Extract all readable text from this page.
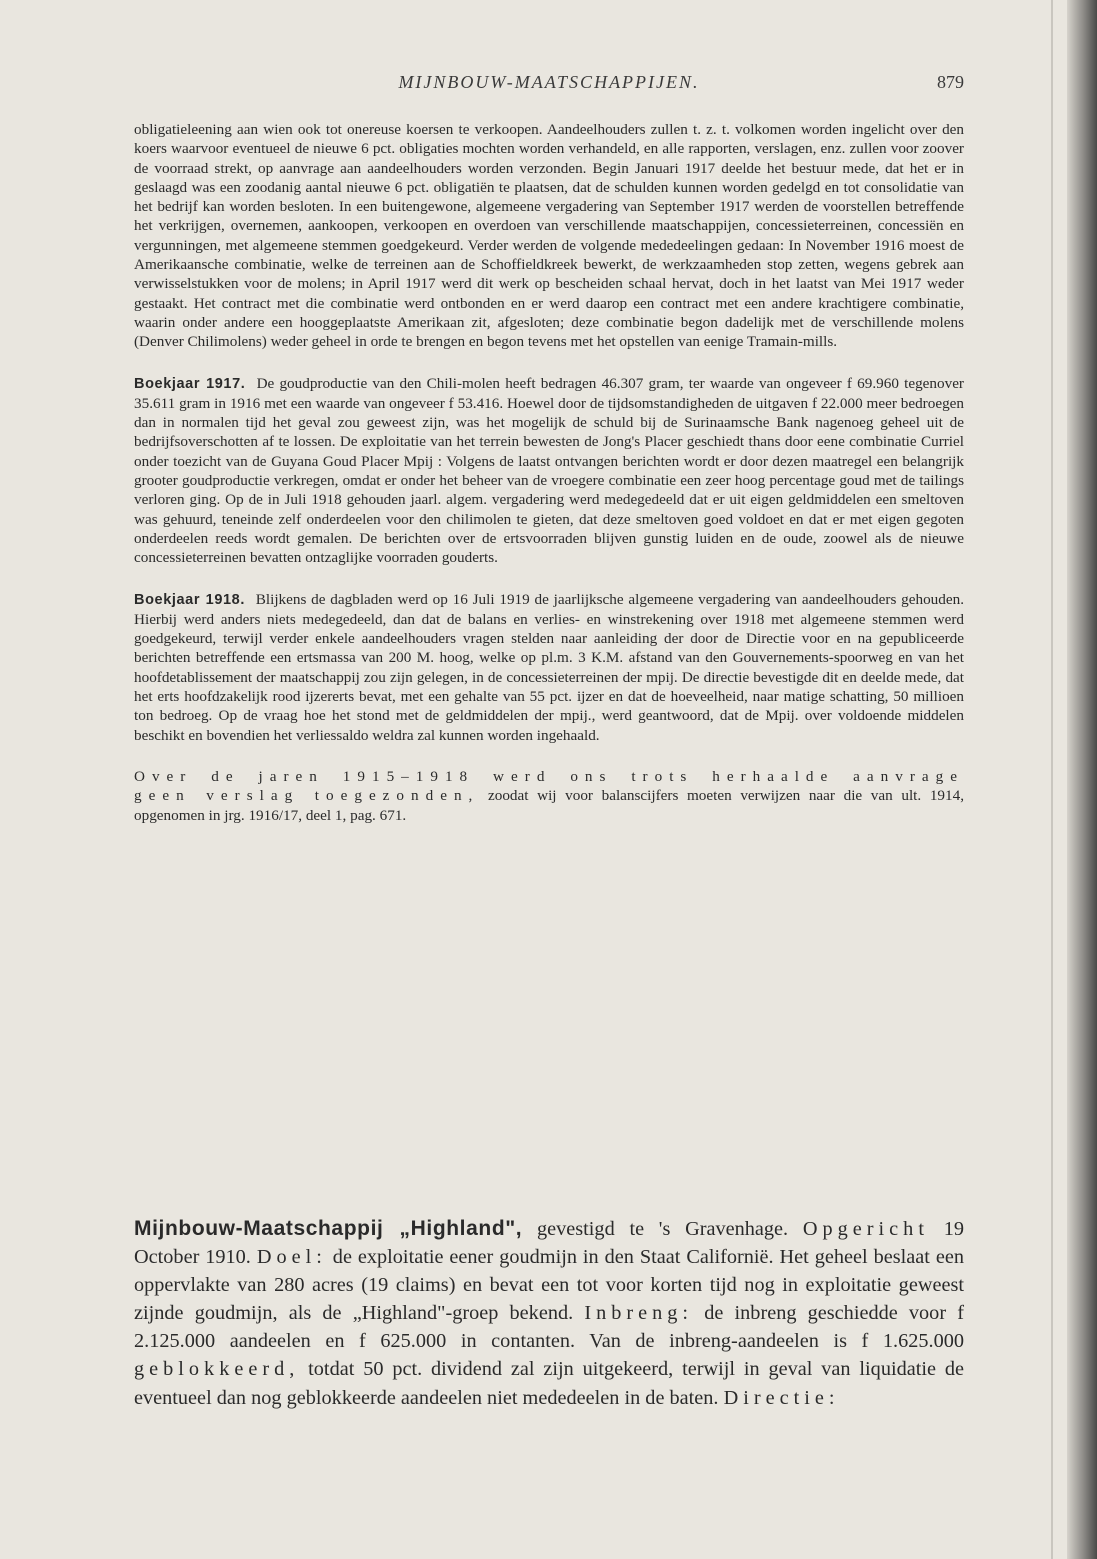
MIJNBOUW-MAATSCHAPPIJEN.	879

obligatieleening aan wien ook tot onereuse koersen te verkoopen. Aandeelhouders zullen t. z. t. volkomen worden ingelicht over den koers waarvoor eventueel de nieuwe 6 pct. obligaties mochten worden verhandeld, en alle rapporten, verslagen, enz. zullen voor zoover de voorraad strekt, op aanvrage aan aandeelhouders worden verzonden. Begin Januari 1917 deelde het bestuur mede, dat het er in geslaagd was een zoodanig aantal nieuwe 6 pct. obligatiën te plaatsen, dat de schulden kunnen worden gedelgd en tot consolidatie van het bedrijf kan worden besloten. In een buitengewone, algemeene vergadering van September 1917 werden de voorstellen betreffende het verkrijgen, overnemen, aankoopen, verkoopen en overdoen van verschillende maatschappijen, concessieterreinen, concessiën en vergunningen, met algemeene stemmen goedgekeurd. Verder werden de volgende mededeelingen gedaan: In November 1916 moest de Amerikaansche combinatie, welke de terreinen aan de Schoffieldkreek bewerkt, de werkzaamheden stop zetten, wegens gebrek aan verwisselstukken voor de molens; in April 1917 werd dit werk op bescheiden schaal hervat, doch in het laatst van Mei 1917 weder gestaakt. Het contract met die combinatie werd ontbonden en er werd daarop een contract met een andere krachtigere combinatie, waarin onder andere een hooggeplaatste Amerikaan zit, afgesloten; deze combinatie begon dadelijk met de verschillende molens (Denver Chilimolens) weder geheel in orde te brengen en begon tevens met het opstellen van eenige Tramain-mills.

Boekjaar 1917. De goudproductie van den Chili-molen heeft bedragen 46.307 gram, ter waarde van ongeveer f 69.960 tegenover 35.611 gram in 1916 met een waarde van ongeveer f 53.416. Hoewel door de tijdsomstandigheden de uitgaven f 22.000 meer bedroegen dan in normalen tijd het geval zou geweest zijn, was het mogelijk de schuld bij de Surinaamsche Bank nagenoeg geheel uit de bedrijfsoverschotten af te lossen. De exploitatie van het terrein bewesten de Jong's Placer geschiedt thans door eene combinatie Curriel onder toezicht van de Guyana Goud Placer Mpij : Volgens de laatst ontvangen berichten wordt er door dezen maatregel een belangrijk grooter goudproductie verkregen, omdat er onder het beheer van de vroegere combinatie een zeer hoog percentage goud met de tailings verloren ging. Op de in Juli 1918 gehouden jaarl. algem. vergadering werd medegedeeld dat er uit eigen geldmiddelen een smeltoven was gehuurd, teneinde zelf onderdeelen voor den chilimolen te gieten, dat deze smeltoven goed voldoet en dat er met eigen gegoten onderdeelen reeds wordt gemalen. De berichten over de ertsvoorraden blijven gunstig luiden en de oude, zoowel als de nieuwe concessieterreinen bevatten ontzaglijke voorraden gouderts.

Boekjaar 1918. Blijkens de dagbladen werd op 16 Juli 1919 de jaarlijksche algemeene vergadering van aandeelhouders gehouden. Hierbij werd anders niets medegedeeld, dan dat de balans en verlies- en winstrekening over 1918 met algemeene stemmen werd goedgekeurd, terwijl verder enkele aandeelhouders vragen stelden naar aanleiding der door de Directie voor en na gepubliceerde berichten betreffende een ertsmassa van 200 M. hoog, welke op pl.m. 3 K.M. afstand van den Gouvernements-spoorweg en van het hoofdetablissement der maatschappij zou zijn gelegen, in de concessieterreinen der mpij. De directie bevestigde dit en deelde mede, dat het erts hoofdzakelijk rood ijzererts bevat, met een gehalte van 55 pct. ijzer en dat de hoeveelheid, naar matige schatting, 50 millioen ton bedroeg. Op de vraag hoe het stond met de geldmiddelen der mpij., werd geantwoord, dat de Mpij. over voldoende middelen beschikt en bovendien het verliessaldo weldra zal kunnen worden ingehaald.

Over de jaren 1915–1918 werd ons trots herhaalde aanvrage geen verslag toegezonden, zoodat wij voor balanscijfers moeten verwijzen naar die van ult. 1914, opgenomen in jrg. 1916/17, deel 1, pag. 671.

Mijnbouw-Maatschappij „Highland", gevestigd te 's Gravenhage. Opgericht 19 October 1910. Doel: de exploitatie eener goudmijn in den Staat Californië. Het geheel beslaat een oppervlakte van 280 acres (19 claims) en bevat een tot voor korten tijd nog in exploitatie geweest zijnde goudmijn, als de „Highland"-groep bekend. Inbreng: de inbreng geschiedde voor f 2.125.000 aandeelen en f 625.000 in contanten. Van de inbreng-aandeelen is f 1.625.000 geblokkeerd, totdat 50 pct. dividend zal zijn uitgekeerd, terwijl in geval van liquidatie de eventueel dan nog geblokkeerde aandeelen niet mededeelen in de baten. Directie:
